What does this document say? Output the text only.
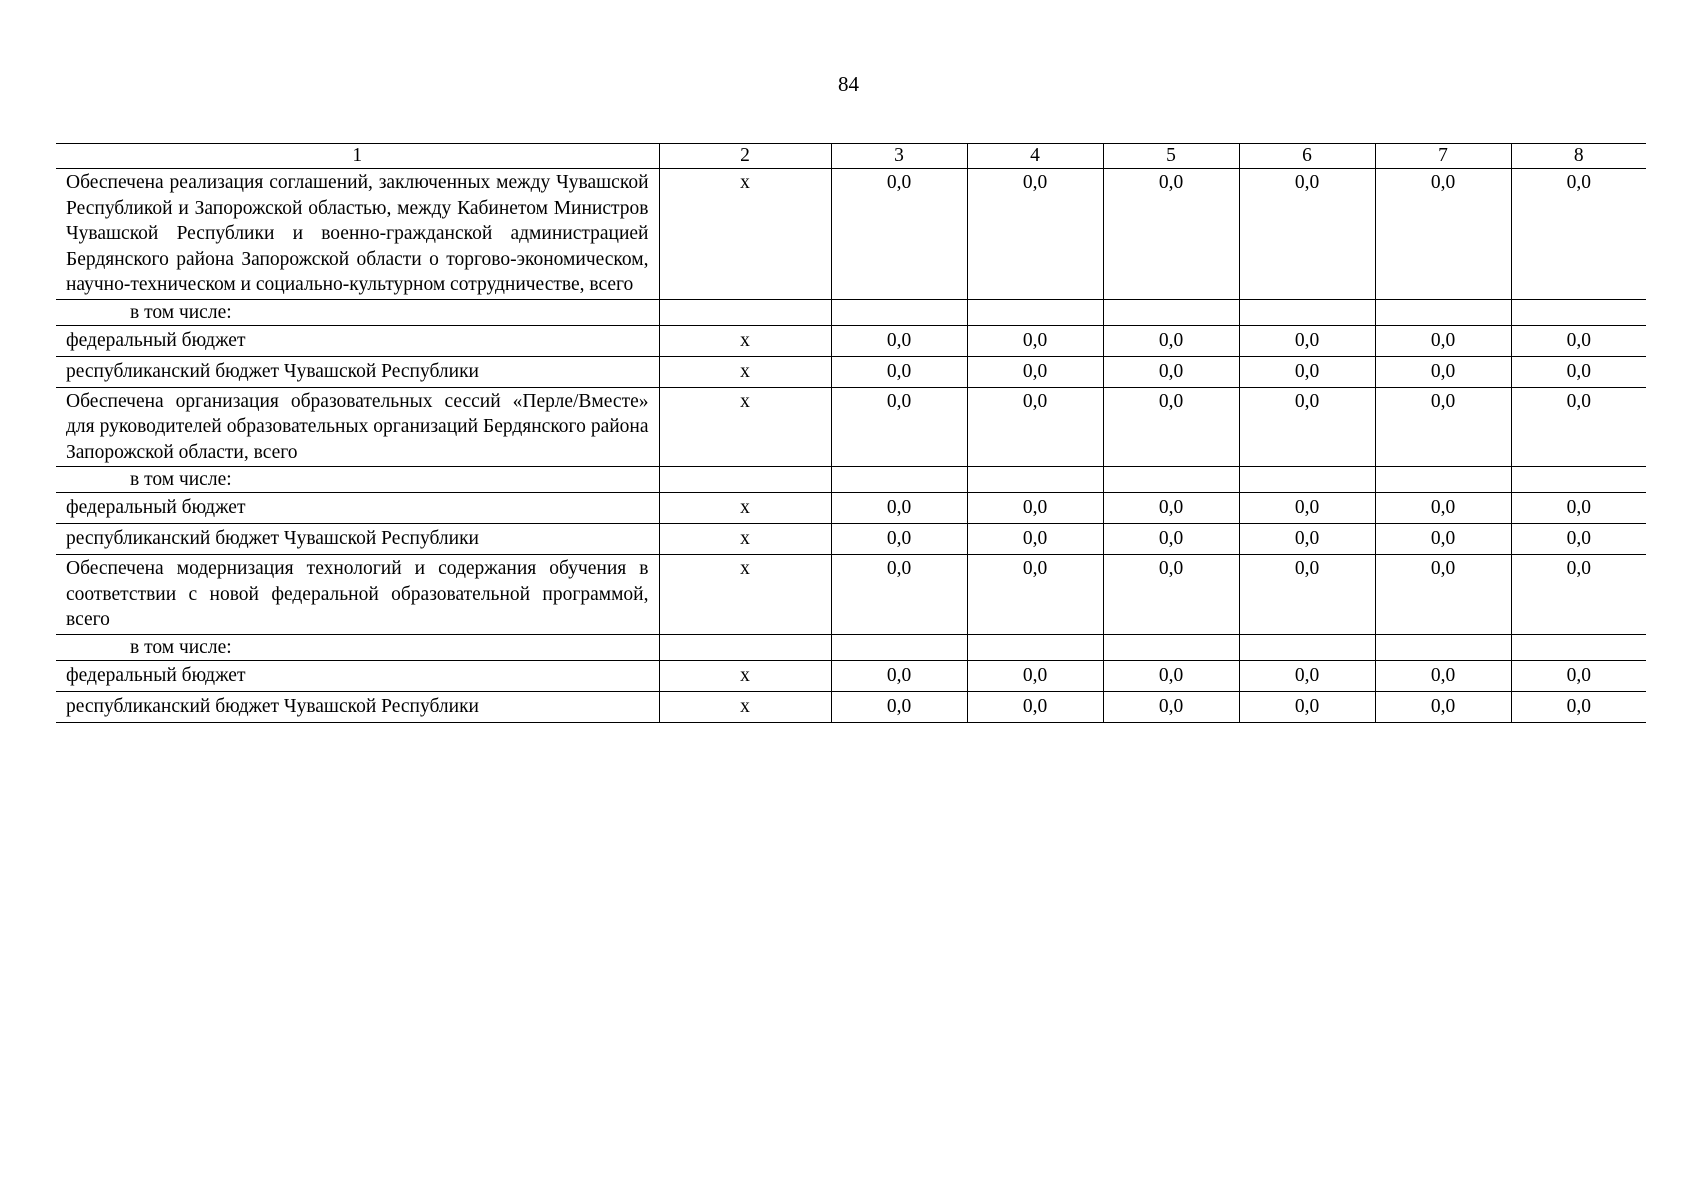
84
1	2	3	4	5	6	7	8
Обеспечена реализация соглашений, заключенных между Чувашской Республикой и Запорожской областью, между Кабинетом Министров Чувашской Республики и военно-гражданской администрацией Бердянского района Запорожской области о торгово-экономическом, научно-техническом и социально-культурном сотрудничестве, всего	х	0,0	0,0	0,0	0,0	0,0	0,0
в том числе:							
федеральный бюджет	х	0,0	0,0	0,0	0,0	0,0	0,0
республиканский бюджет Чувашской Республики	х	0,0	0,0	0,0	0,0	0,0	0,0
Обеспечена организация образовательных сессий «Перле/Вместе» для руководителей образовательных организаций Бердянского района Запорожской области, всего	х	0,0	0,0	0,0	0,0	0,0	0,0
в том числе:							
федеральный бюджет	х	0,0	0,0	0,0	0,0	0,0	0,0
республиканский бюджет Чувашской Республики	х	0,0	0,0	0,0	0,0	0,0	0,0
Обеспечена модернизация технологий и содержания обучения в соответствии с новой федеральной образовательной программой, всего	х	0,0	0,0	0,0	0,0	0,0	0,0
в том числе:							
федеральный бюджет	х	0,0	0,0	0,0	0,0	0,0	0,0
республиканский бюджет Чувашской Республики	х	0,0	0,0	0,0	0,0	0,0	0,0
